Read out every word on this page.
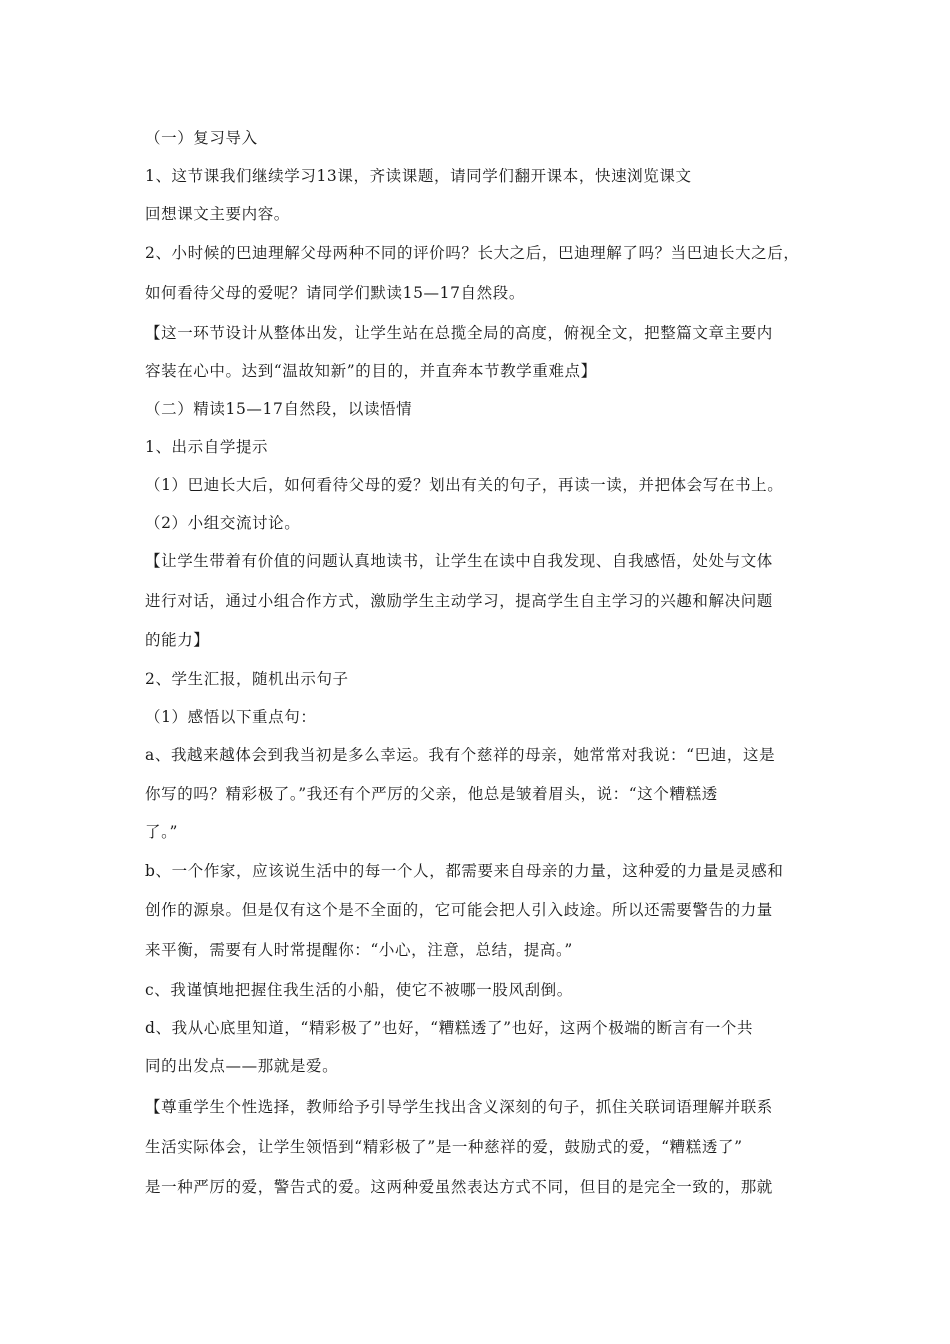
（一）复习导入
1、这节课我们继续学习13课，齐读课题，请同学们翻开课本，快速浏览课文
回想课文主要内容。
2、小时候的巴迪理解父母两种不同的评价吗？长大之后，巴迪理解了吗？当巴迪长大之后，
如何看待父母的爱呢？请同学们默读15—17自然段。
【这一环节设计从整体出发，让学生站在总揽全局的高度，俯视全文，把整篇文章主要内
容装在心中。达到“温故知新”的目的，并直奔本节教学重难点】
（二）精读15—17自然段，以读悟情
1、出示自学提示
（1）巴迪长大后，如何看待父母的爱？划出有关的句子，再读一读，并把体会写在书上。
（2）小组交流讨论。
【让学生带着有价值的问题认真地读书，让学生在读中自我发现、自我感悟，处处与文体
进行对话，通过小组合作方式，激励学生主动学习，提高学生自主学习的兴趣和解决问题
的能力】
2、学生汇报，随机出示句子
（1）感悟以下重点句：
a、我越来越体会到我当初是多么幸运。我有个慈祥的母亲，她常常对我说：“巴迪，这是
你写的吗？精彩极了。”我还有个严厉的父亲，他总是皱着眉头，说：“这个糟糕透
了。”
b、一个作家，应该说生活中的每一个人，都需要来自母亲的力量，这种爱的力量是灵感和
创作的源泉。但是仅有这个是不全面的，它可能会把人引入歧途。所以还需要警告的力量
来平衡，需要有人时常提醒你：“小心，注意，总结，提高。”
c、我谨慎地把握住我生活的小船，使它不被哪一股风刮倒。
d、我从心底里知道，“精彩极了”也好，“糟糕透了”也好，这两个极端的断言有一个共
同的出发点——那就是爱。
【尊重学生个性选择，教师给予引导学生找出含义深刻的句子，抓住关联词语理解并联系
生活实际体会，让学生领悟到“精彩极了”是一种慈祥的爱，鼓励式的爱，“糟糕透了”
是一种严厉的爱，警告式的爱。这两种爱虽然表达方式不同，但目的是完全一致的，那就
